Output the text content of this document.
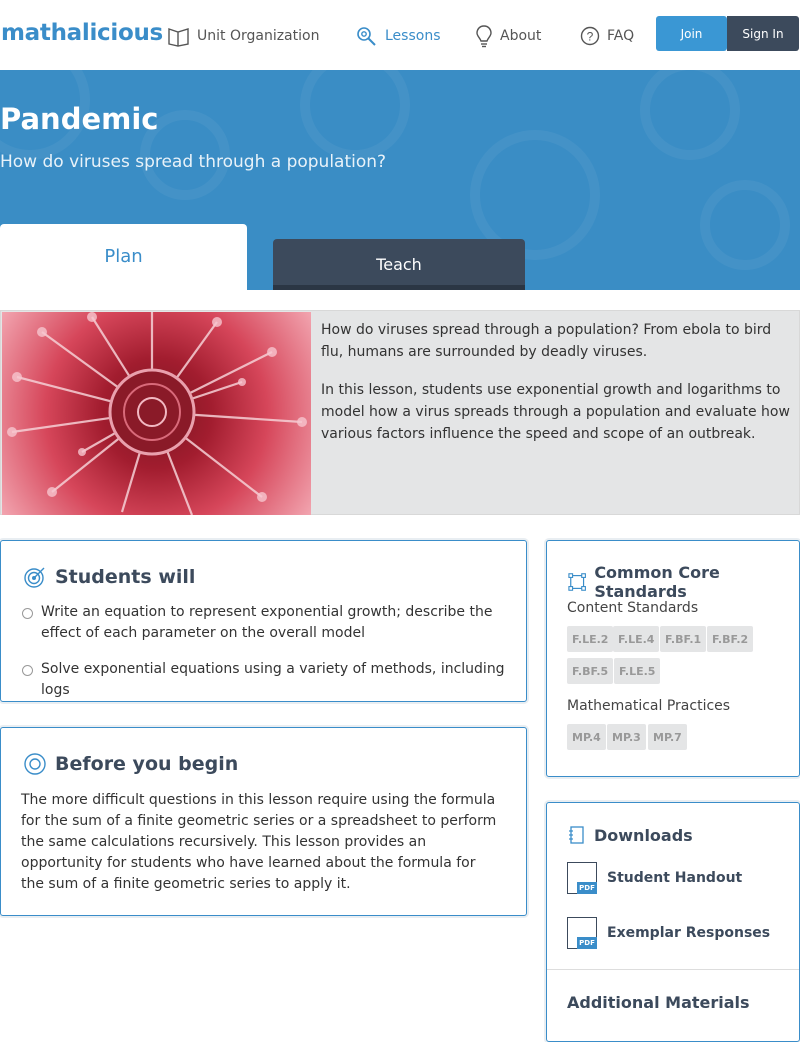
mathalicious Unit Organization	Lessons	About	? FAQ	Join	Sign In
Pandemic
How do viruses spread through a population?
Plan	Teach

How do viruses spread through a population? From ebola to bird flu, humans are surrounded by deadly viruses.

In this lesson, students use exponential growth and logarithms to model how a virus spreads through a population and evaluate how various factors influence the speed and scope of an outbreak.

Students will
Write an equation to represent exponential growth; describe the effect of each parameter on the overall model
Solve exponential equations using a variety of methods, including logs
Before you begin

The more difficult questions in this lesson require using the formula for the sum of a finite geometric series or a spreadsheet to perform the same calculations recursively. This lesson provides an opportunity for students who have learned about the formula for the sum of a finite geometric series to apply it.

Common Core Standards
Content Standards
F.LE.2 F.LE.4 F.BF.1 F.BF.2
F.BF.5 F.LE.5
Mathematical Practices
MP.4	MP.3	MP.7
Downloads
PDF
Student Handout
PDF
Exemplar Responses
Additional Materials
